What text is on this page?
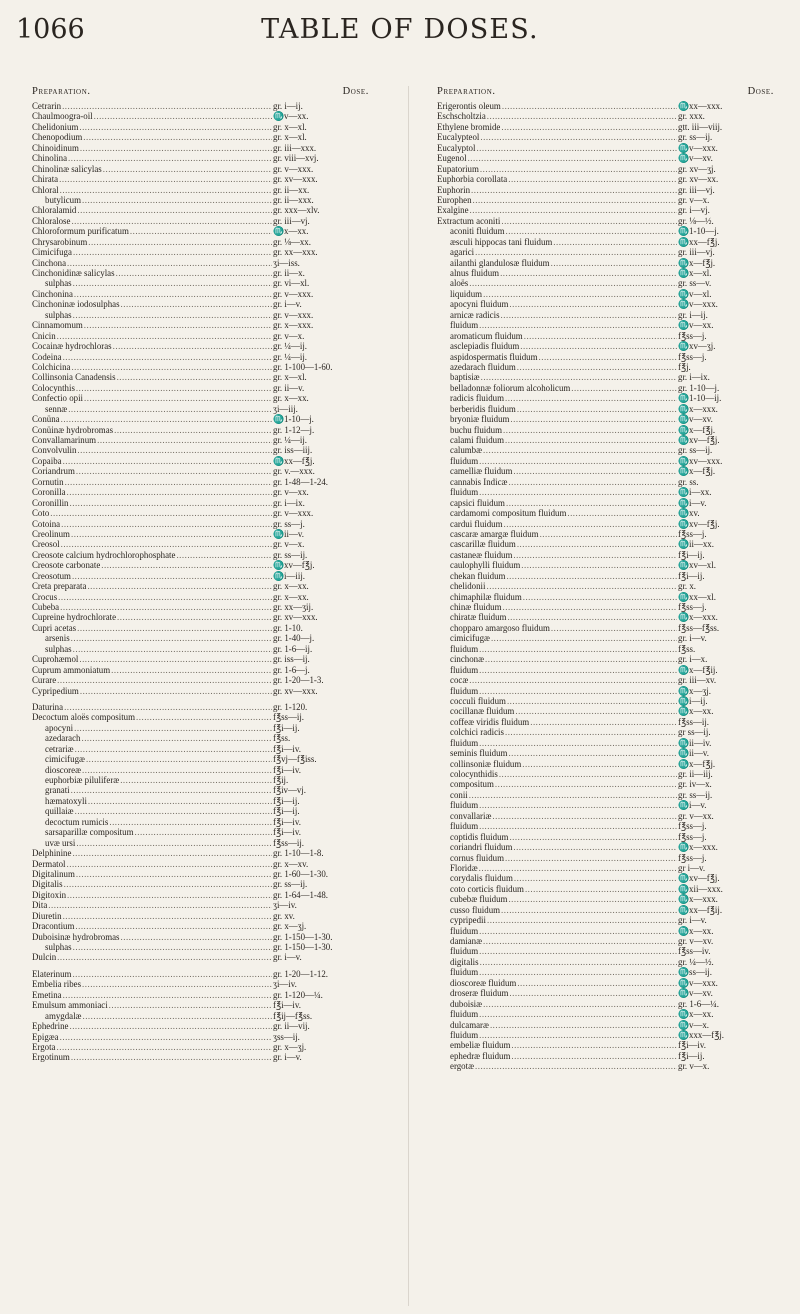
1066	TABLE OF DOSES.
Preparation.	Dose.
Cetrarin .....	gr. i—ij.
Chaulmoogra-oil .....	♏v—xx.
Chelidonium .....	gr. x—xl.
Chenopodium .....	gr. x—xl.
Chinoidinum .....	gr. iii—xxx.
Chinolina .....	gr. viii—xvj.
Chinolinæ salicylas .....	gr. v—xxx.
Chirata .....	gr. xv—xxx.
Chloral .....	gr. ii—xx.
butylicum .....	gr. ii—xxx.
Chloralamid .....	gr. xxx—xlv.
Chloralose .....	gr. iii—vj.
Chloroformum purificatum .....	♏x—xx.
Chrysarobinum .....	gr. ⅛—xx.
Cimicifuga .....	gr. xx—xxx.
Cinchona .....	ʒi—iss.
Cinchonidinæ salicylas .....	gr. ii—x.
sulphas .....	gr. vi—xl.
Cinchonina .....	gr. v—xxx.
Cinchoninæ iodosulphas .....	gr. i—v.
sulphas .....	gr. v—xxx.
Cinnamomum .....	gr. x—xxx.
Cnicin .....	gr. v—x.
Cocainæ hydrochloras .....	gr. ¼—ij.
Codeina .....	gr. ¼—ij.
Colchicina .....	gr. 1-100—1-60.
Collinsonia Canadensis .....	gr. x—xl.
Colocynthis .....	gr. ii—v.
Confectio opii .....	gr. x—xx.
sennæ .....	ʒi—iij.
Conüna .....	♏1-10—j.
Conüinæ hydrobromas .....	gr. 1-12—j.
Convallamarinum .....	gr. ¼—ij.
Convolvulin .....	gr. iss—iij.
Copaiba .....	♏xx—f℥j.
Coriandrum .....	gr. v.—xxx.
Cornutin .....	gr. 1-48—1-24.
Coronilla .....	gr. v—xx.
Coronillin .....	gr. i—ix.
Coto .....	gr. v—xxx.
Cotoina .....	gr. ss—j.
Creolinum .....	♏ii—v.
Creosol .....	gr. v—x.
Creosote calcium hydrochlorophosphate .....	gr. ss—ij.
Creosote carbonate .....	♏xv—f℥j.
Creosotum .....	♏i—iij.
Creta preparata .....	gr. x—xx.
Crocus .....	gr. x—xx.
Cubeba .....	gr. xx—ʒij.
Cupreine hydrochlorate .....	gr. xv—xxx.
Cupri acetas .....	gr. 1-10.
arsenis .....	gr. 1-40—j.
sulphas .....	gr. 1-6—ij.
Cuprohæmol .....	gr. iss—ij.
Cuprum ammoniatum .....	gr. 1-6—j.
Curare .....	gr. 1-20—1-3.
Cypripedium .....	gr. xv—xxx.
Daturina .....	gr. 1-120.
Decoctum aloës compositum .....	f℥ss—ij.
apocyni .....	f℥i—ij.
azedarach .....	f℥ss.
cetrariæ .....	f℥i—iv.
cimicifugæ .....	f℥vj—f℥iss.
dioscoreæ .....	f℥i—iv.
euphorbiæ piluliferæ .....	f℥ij.
granati .....	f℥iv—vj.
hæmatoxyli .....	f℥i—ij.
quillaiæ .....	f℥i—ij.
decoctum rumicis .....	f℥i—iv.
sarsaparillæ compositum .....	f℥i—iv.
uvæ ursi .....	f℥ss—ij.
Delphinine .....	gr. 1-10—1-8.
Dermatol .....	gr. x—xv.
Digitalinum .....	gr. 1-60—1-30.
Digitalis .....	gr. ss—ij.
Digitoxin .....	gr. 1-64—1-48.
Dita .....	ʒi—iv.
Diuretin .....	gr. xv.
Dracontium .....	gr. x—ʒj.
Duboisinæ hydrobromas .....	gr. 1-150—1-30.
sulphas .....	gr. 1-150—1-30.
Dulcin .....	gr. i—v.
Elaterinum .....	gr. 1-20—1-12.
Embelia ribes .....	ʒi—iv.
Emetina .....	gr. 1-120—¼.
Emulsum ammoniaci .....	f℥i—iv.
amygdalæ .....	f℥ij—f℥ss.
Ephedrine .....	gr. ii—vij.
Epigæa .....	ʒss—ij.
Ergota .....	gr. x—ʒj.
Ergotinum .....	gr. i—v.
Preparation.	Dose.
Erigerontis oleum .....	♏xx—xxx.
Eschscholtzia .....	gr. xxx.
Ethylene bromide .....	gtt. iii—viij.
Eucalypteol .....	gr. ss—ij.
Eucalyptol .....	♏v—xxx.
Eugenol .....	♏v—xv.
Eupatorium .....	gr. xv—ʒj.
Euphorbia corollata .....	gr. xv—xx.
Euphorin .....	gr. iii—vj.
Europhen .....	gr. v—x.
Exalgine .....	gr. i—vj.
Extractum aconiti .....	gr. ⅛—½.
aconiti fluidum .....	♏1-10—j.
æsculi hippocas tani fluidum .....	♏xx—f℥j.
agarici .....	gr. iii—vj.
ailanthi glandulosæ fluidum .....	♏x—f℥j.
alnus fluidum .....	♏x—xl.
aloës .....	gr. ss—v.
liquidum .....	♏v—xl.
apocyni fluidum .....	♏v—xxx.
arnicæ radicis .....	gr. i—ij.
fluidum .....	♏v—xx.
aromaticum fluidum .....	f℥ss—j.
asclepiadis fluidum .....	♏xv—ʒj.
aspidospermatis fluidum .....	f℥ss—j.
azedarach fluidum .....	f℥j.
baptisiæ .....	gr. i—ix.
belladonnæ foliorum alcoholicum .....	gr. 1-10—j.
radicis fluidum .....	♏1-10—ij.
berberidis fluidum .....	♏x—xxx.
bryoniæ fluidum .....	♏v—xv.
buchu fluidum .....	♏x—f℥j.
calami fluidum .....	♏xv—f℥j.
calumbæ .....	gr. ss—ij.
fluidum .....	♏xv—xxx.
camelliæ fluidum .....	♏x—f℥j.
cannabis Indicæ .....	gr. ss.
fluidum .....	♏i—xx.
capsici fluidum .....	♏i—v.
cardamomi compositum fluidum .....	♏xv.
cardui fluidum .....	♏xv—f℥j.
cascaræ amargæ fluidum .....	f℥ss—j.
cascarillæ fluidum .....	♏ii—xx.
castaneæ fluidum .....	f℥i—ij.
caulophylli fluidum .....	♏xv—xl.
chekan fluidum .....	f℥i—ij.
chelidonii .....	gr. x.
chimaphilæ fluidum .....	♏xx—xl.
chinæ fluidum .....	f℥ss—j.
chiratæ fluidum .....	♏x—xxx.
chopparo amargoso fluidum .....	f℥ss—f℥ss.
cimicifugæ .....	gr. i—v.
fluidum .....	f℥ss.
cinchonæ .....	gr. i—x.
fluidum .....	♏x—f℥ij.
cocæ .....	gr. iii—xv.
fluidum .....	♏x—ʒj.
cocculi fluidum .....	♏i—ij.
cocillanæ fluidum .....	♏x—xx.
coffeæ viridis fluidum .....	f℥ss—ij.
colchici radicis .....	gr ss—ij.
fluidum .....	♏ii—iv.
seminis fluidum .....	♏ii—v.
collinsoniæ fluidum .....	♏x—f℥j.
colocynthidis .....	gr. ii—iij.
compositum .....	gr. iv—x.
conii .....	gr. ss—ij.
fluidum .....	♏i—v.
convallariæ .....	gr. v—xx.
fluidum .....	f℥ss—j.
coptidis fluidum .....	f℥ss—j.
coriandri fluidum .....	♏x—xxx.
cornus fluidum .....	f℥ss—j.
Floridæ .....	gr i—v.
corydalis fluidum .....	♏xv—f℥j.
coto corticis fluidum .....	♏xii—xxx.
cubebæ fluidum .....	♏x—xxx.
cusso fluidum .....	♏xx—f℥ij.
cypripedii .....	gr. i—v.
fluidum .....	♏x—xx.
damianæ .....	gr. v—xv.
fluidum .....	f℥ss—iv.
digitalis .....	gr. ¼—½.
fluidum .....	♏ss—ij.
dioscoreæ fluidum .....	♏v—xxx.
droseræ fluidum .....	♏v—xv.
duboisiæ .....	gr. 1-6—¼.
fluidum .....	♏x—xx.
dulcamaræ .....	♏v—x.
fluidum .....	♏xxx—f℥j.
embeliæ fluidum .....	f℥i—iv.
ephedræ fluidum .....	f℥i—ij.
ergotæ .....	gr. v—x.
